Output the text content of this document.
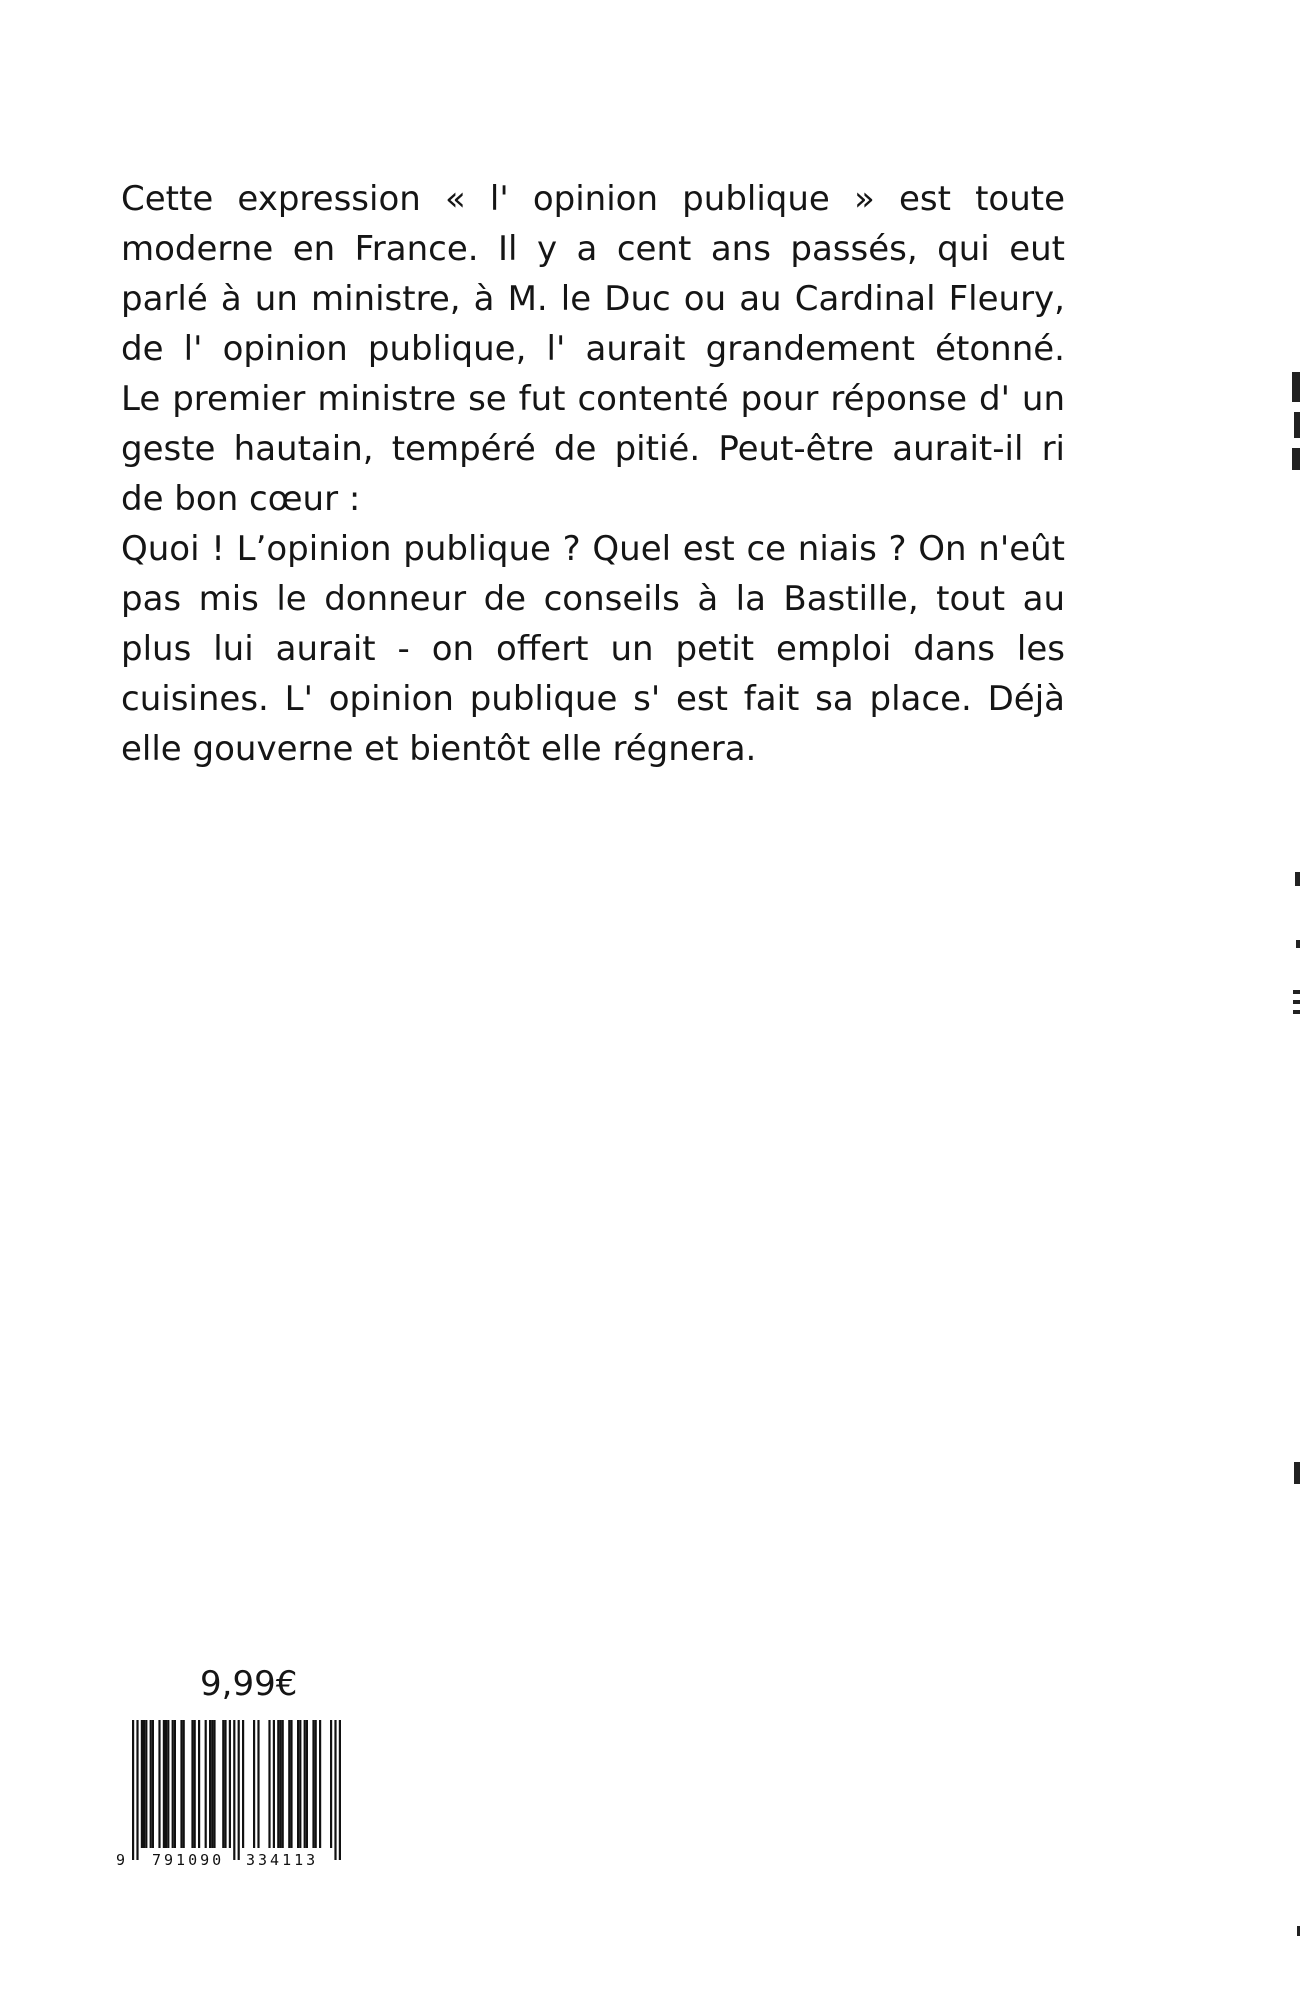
Cette expression « l' opinion publique » est toute
moderne en France. Il y a cent ans passés, qui eut
parlé à un ministre, à M. le Duc ou au Cardinal Fleury,
de l' opinion publique, l' aurait grandement étonné.
Le premier ministre se fut contenté pour réponse d' un
geste hautain, tempéré de pitié. Peut-être aurait-il ri
de bon cœur :
Quoi ! L’opinion publique ? Quel est ce niais ? On n'eût
pas mis le donneur de conseils à la Bastille, tout au
plus lui aurait - on offert un petit emploi dans les
cuisines. L' opinion publique s' est fait sa place. Déjà
elle gouverne et bientôt elle régnera.
9,99€
9 791090 334113
